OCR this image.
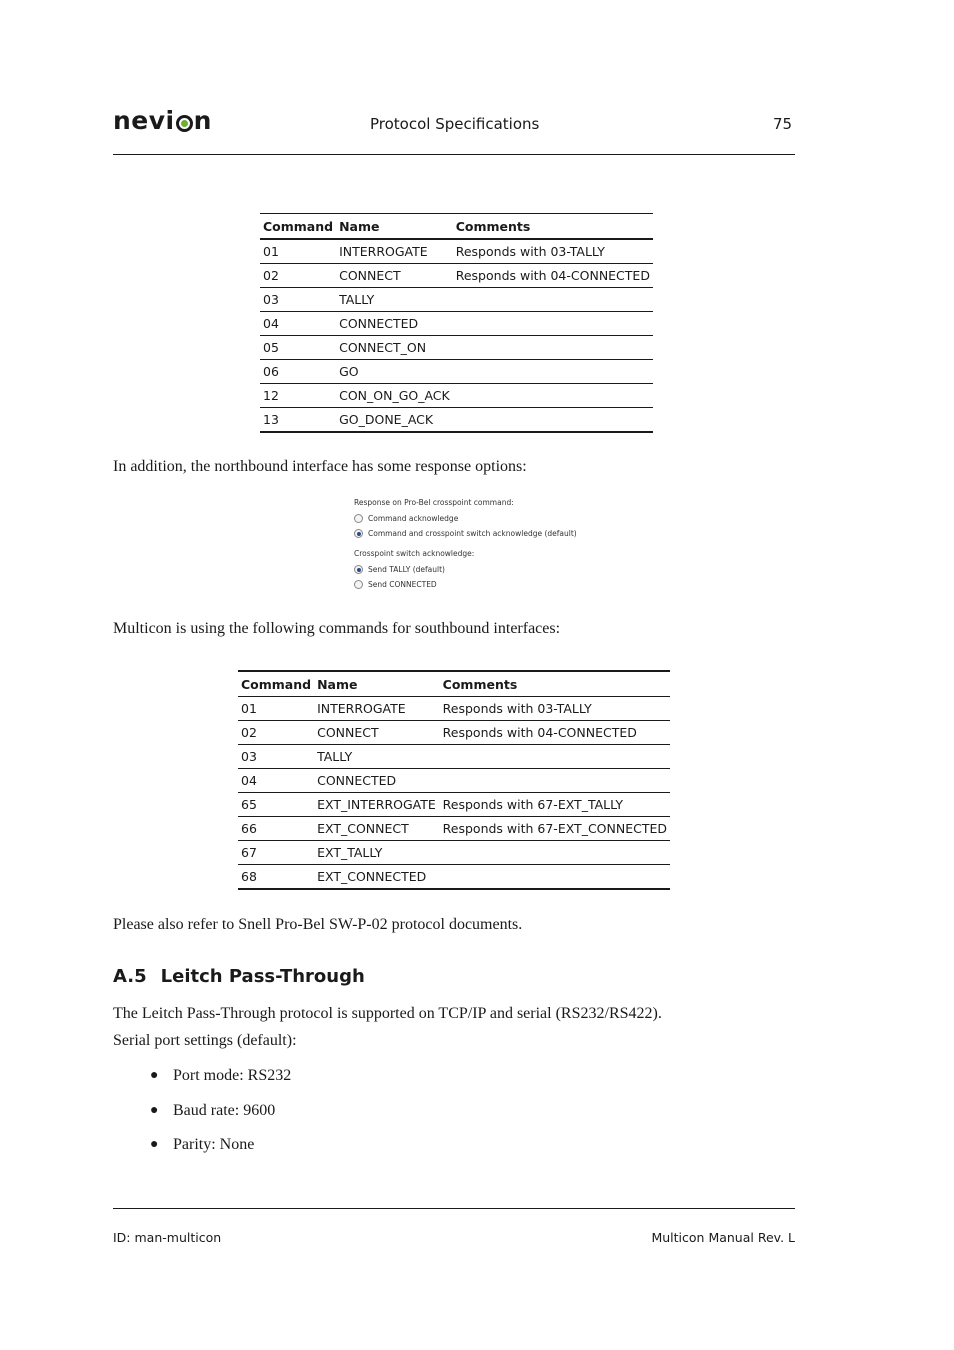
nevi n	Protocol Specifications	75
Command	Name	Comments
01	INTERROGATE	Responds with 03-TALLY
02	CONNECT	Responds with 04-CONNECTED
03	TALLY	
04	CONNECTED	
05	CONNECT_ON	
06	GO	
12	CON_ON_GO_ACK	
13	GO_DONE_ACK	
In addition, the northbound interface has some response options:
Response on Pro-Bel crosspoint command:
Command acknowledge
Command and crosspoint switch acknowledge (default)
Crosspoint switch acknowledge:
Send TALLY (default)
Send CONNECTED
Multicon is using the following commands for southbound interfaces:
Command	Name	Comments
01	INTERROGATE	Responds with 03-TALLY
02	CONNECT	Responds with 04-CONNECTED
03	TALLY	
04	CONNECTED	
65	EXT_INTERROGATE	Responds with 67-EXT_TALLY
66	EXT_CONNECT	Responds with 67-EXT_CONNECTED
67	EXT_TALLY	
68	EXT_CONNECTED	
Please also refer to Snell Pro-Bel SW-P-02 protocol documents.
A.5 Leitch Pass-Through
The Leitch Pass-Through protocol is supported on TCP/IP and serial (RS232/RS422).
Serial port settings (default):
● Port mode: RS232
● Baud rate: 9600
● Parity: None
ID: man-multicon	Multicon Manual Rev. L
